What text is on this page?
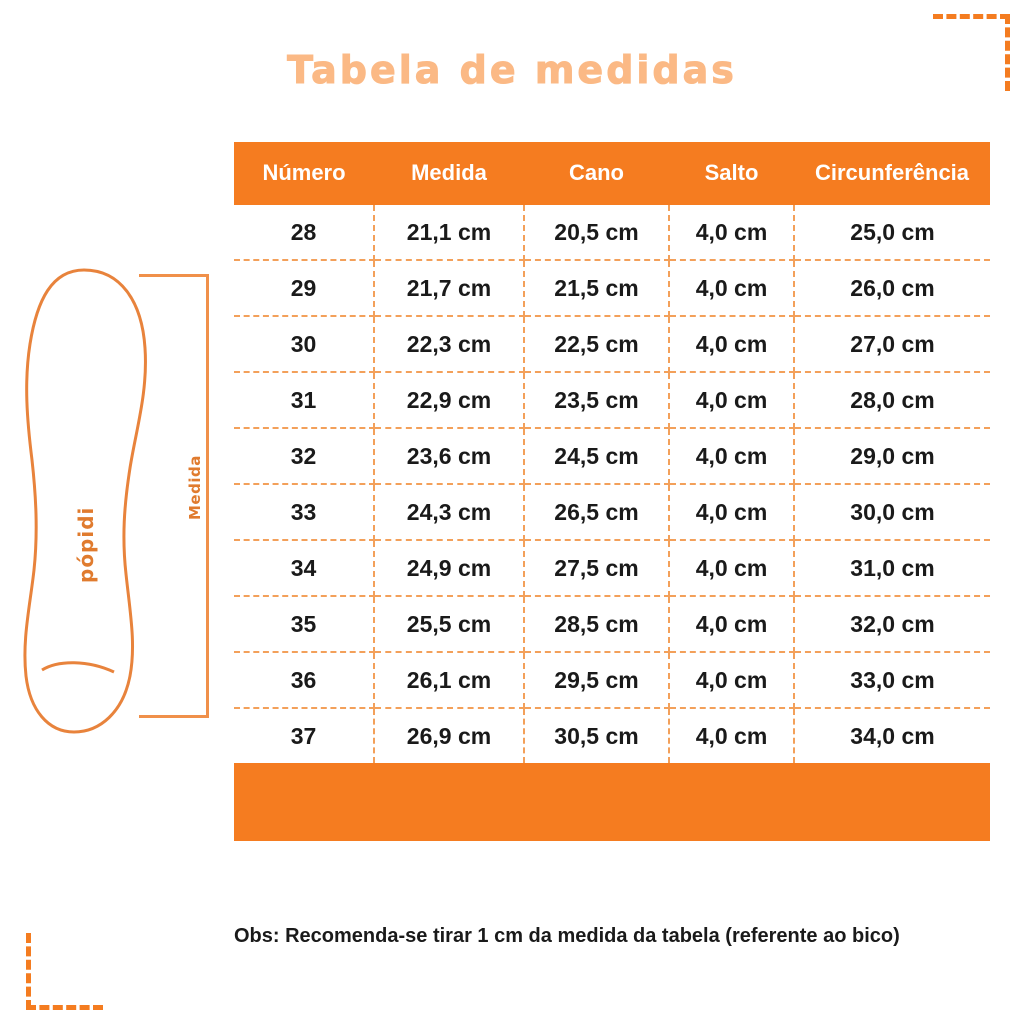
Tabela de medidas
pópidi
Medida
Número	Medida	Cano	Salto	Circunferência
28	21,1 cm	20,5 cm	4,0 cm	25,0 cm
29	21,7 cm	21,5 cm	4,0 cm	26,0 cm
30	22,3 cm	22,5 cm	4,0 cm	27,0 cm
31	22,9 cm	23,5 cm	4,0 cm	28,0 cm
32	23,6 cm	24,5 cm	4,0 cm	29,0 cm
33	24,3 cm	26,5 cm	4,0 cm	30,0 cm
34	24,9 cm	27,5 cm	4,0 cm	31,0 cm
35	25,5 cm	28,5 cm	4,0 cm	32,0 cm
36	26,1 cm	29,5 cm	4,0 cm	33,0 cm
37	26,9 cm	30,5 cm	4,0 cm	34,0 cm
Obs: Recomenda-se tirar 1 cm da medida da tabela (referente ao bico)
